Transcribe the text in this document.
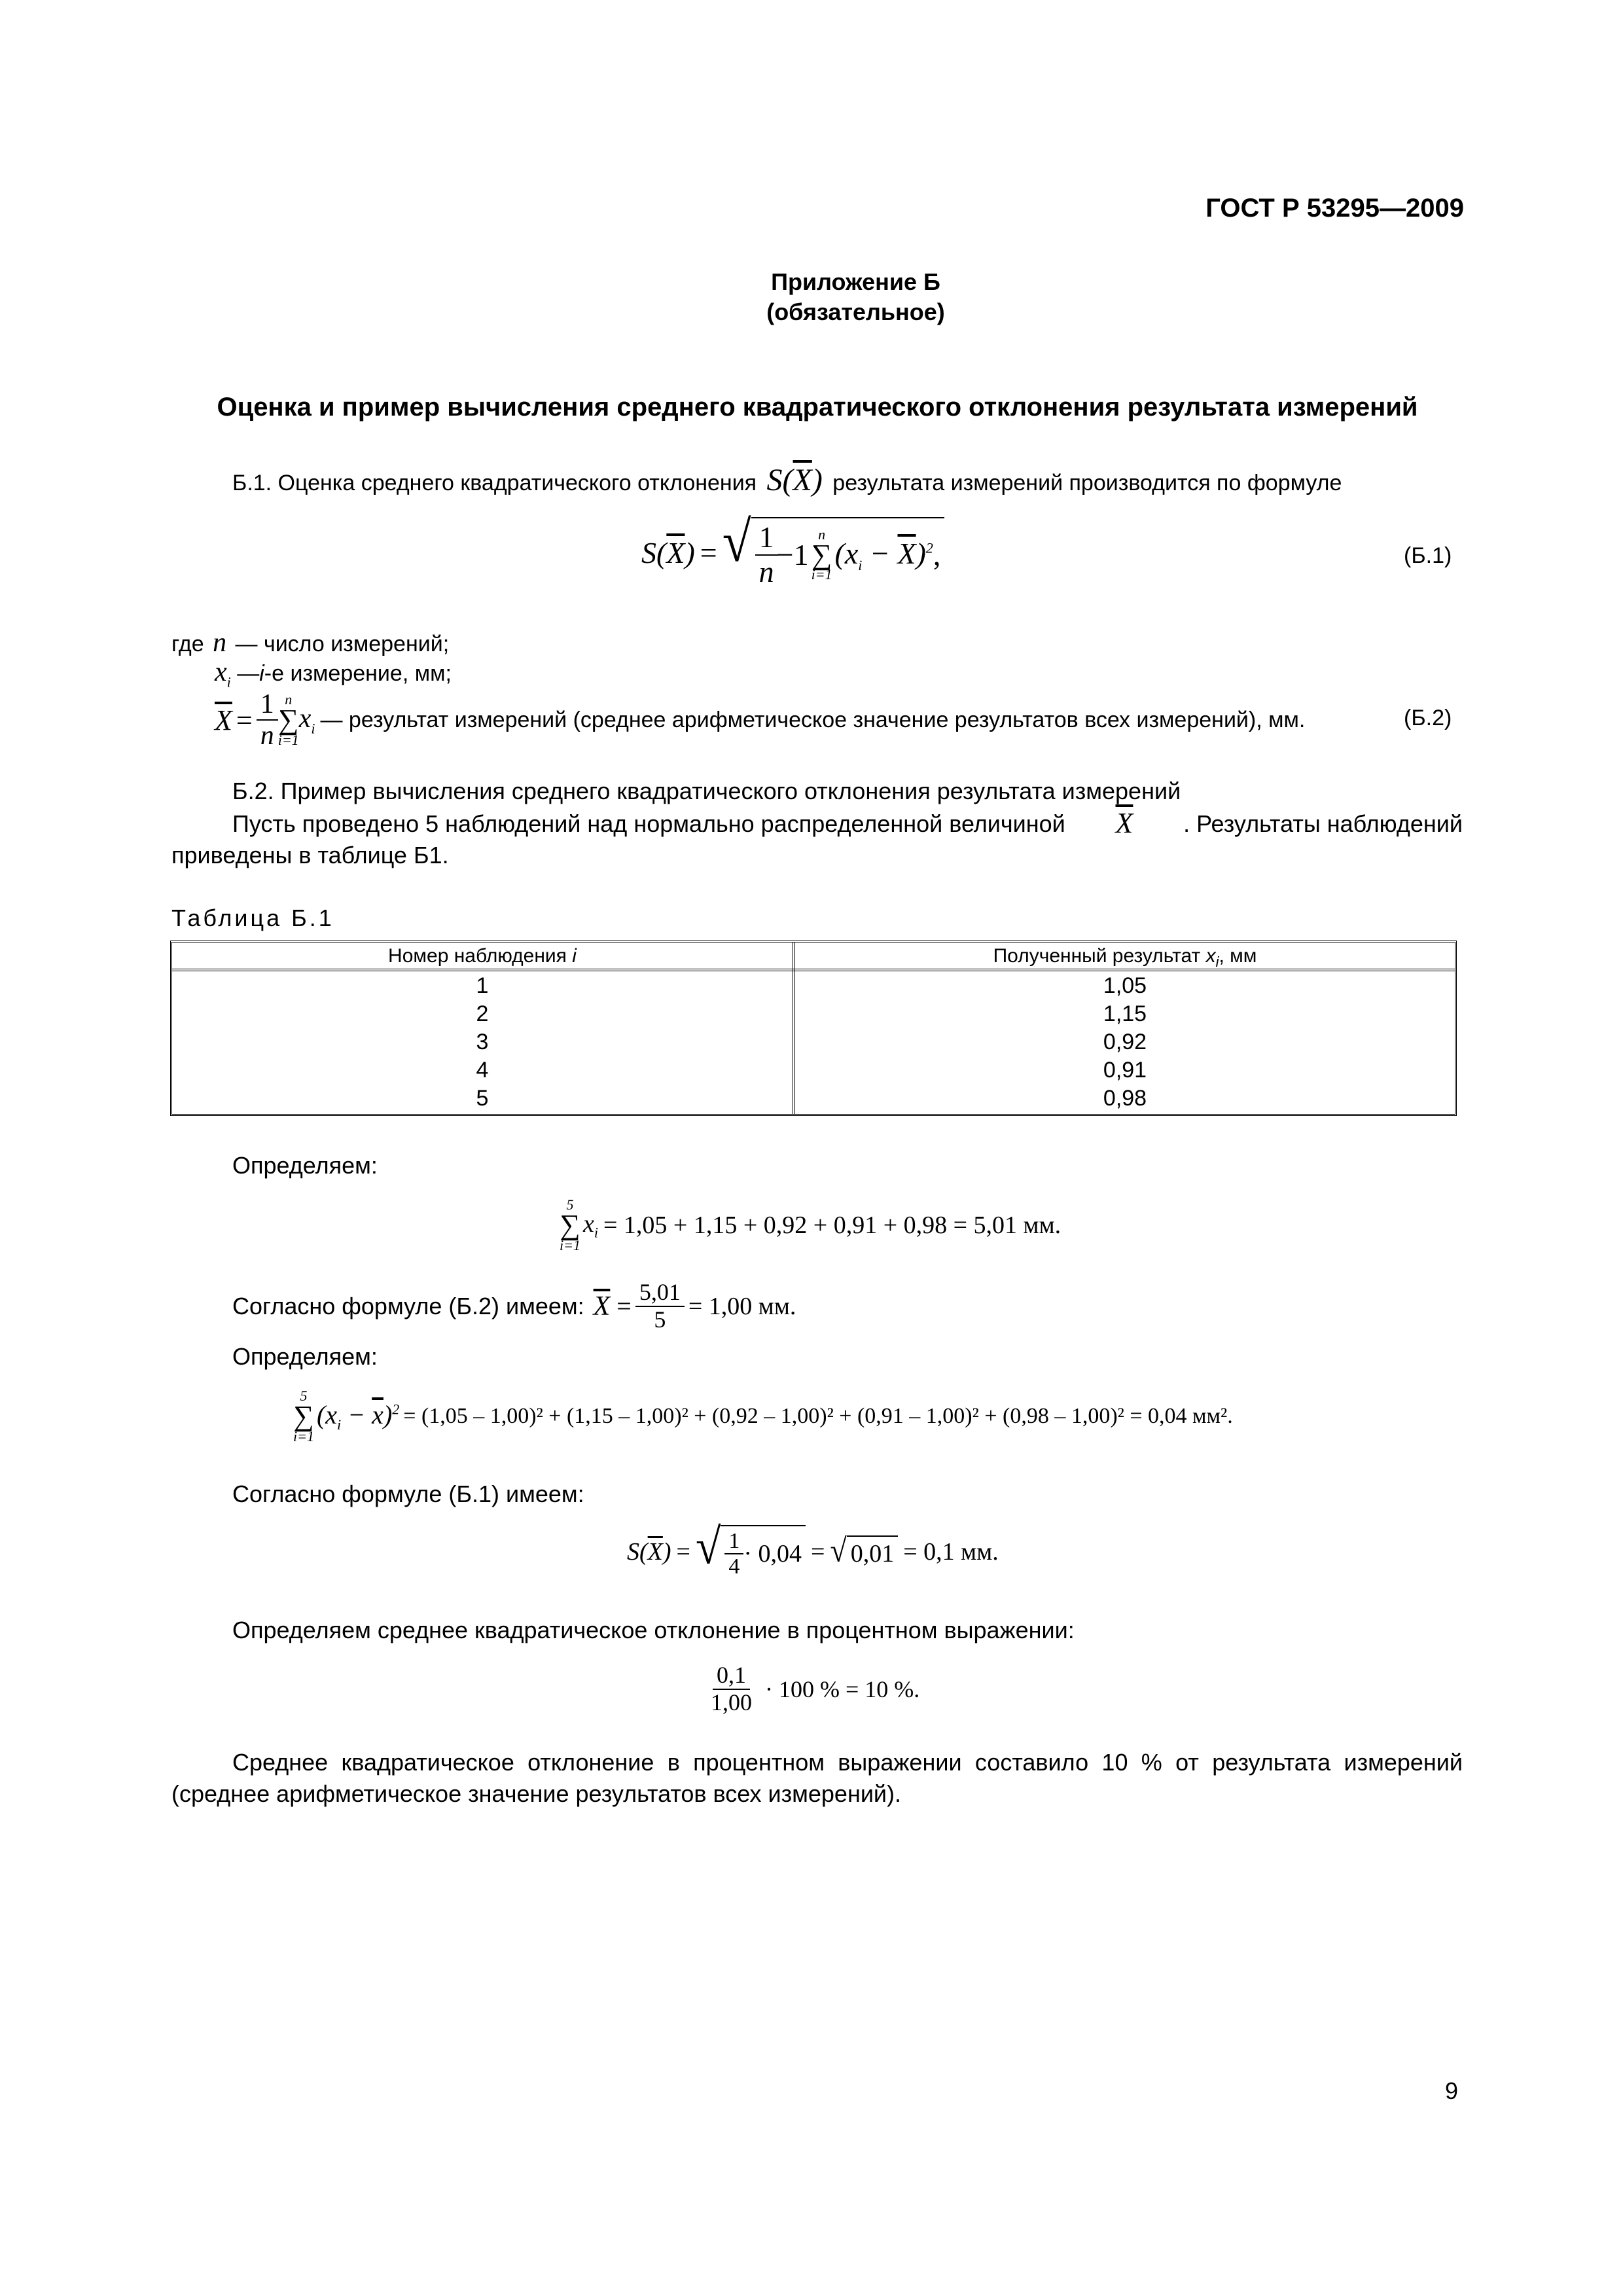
ГОСТ Р 53295—2009
Приложение Б
(обязательное)
Оценка и пример вычисления среднего квадратического отклонения результата измерений
Б.1. Оценка среднего квадратического отклонения $S(\overline{X})$ результата измерений производится по формуле
$S(\overline{X})$ = √ $\frac{1}{n}$
−1
n
∑
i=1
$(x_i - \overline{X})^2$ ,	(Б.1)
где n — число измерений;
$x_i$ —i-е измерение, мм;
$\overline{X} = \frac{1}{n}$ n
∑
i=1
$x_i$ — результат измерений (среднее арифметическое значение результатов всех измерений), мм.	(Б.2)
Б.2. Пример вычисления среднего квадратического отклонения результата измерений
Пусть проведено 5 наблюдений над нормально распределенной величиной $\overline{X}$ . Результаты наблюдений
приведены в таблице Б1.
Таблица Б.1
Номер наблюдения i	Полученный результат $x_i$, мм
1	1,05
2	1,15
3	0,92
4	0,91
5	0,98
Определяем:
5
∑
i=1
$x_i = 1,05 + 1,15 + 0,92 + 0,91 + 0,98 = 5,01$ мм.
Согласно формуле (Б.2) имеем: $\overline{X} = \frac{5,01}{5} = 1,00$ мм.
Определяем:
5
∑
i=1
$(x_i - \overline{x})^2 = (1,05 - 1,00)^2 + (1,15 - 1,00)^2 + (0,92 - 1,00)^2 + (0,91 - 1,00)^2 + (0,98 - 1,00)^2 = 0,04$ мм².
Согласно формуле (Б.1) имеем:
$S(\overline{X})$ = √ $\frac{1}{4} \cdot 0,04$ = √ 0,01 = 0,1 мм.
Определяем среднее квадратическое отклонение в процентном выражении:
$\frac{0,1}{1,00} \cdot 100$ % = 10 %.
Среднее квадратическое отклонение в процентном выражении составило 10 % от результата измерений
(среднее арифметическое значение результатов всех измерений).
9
